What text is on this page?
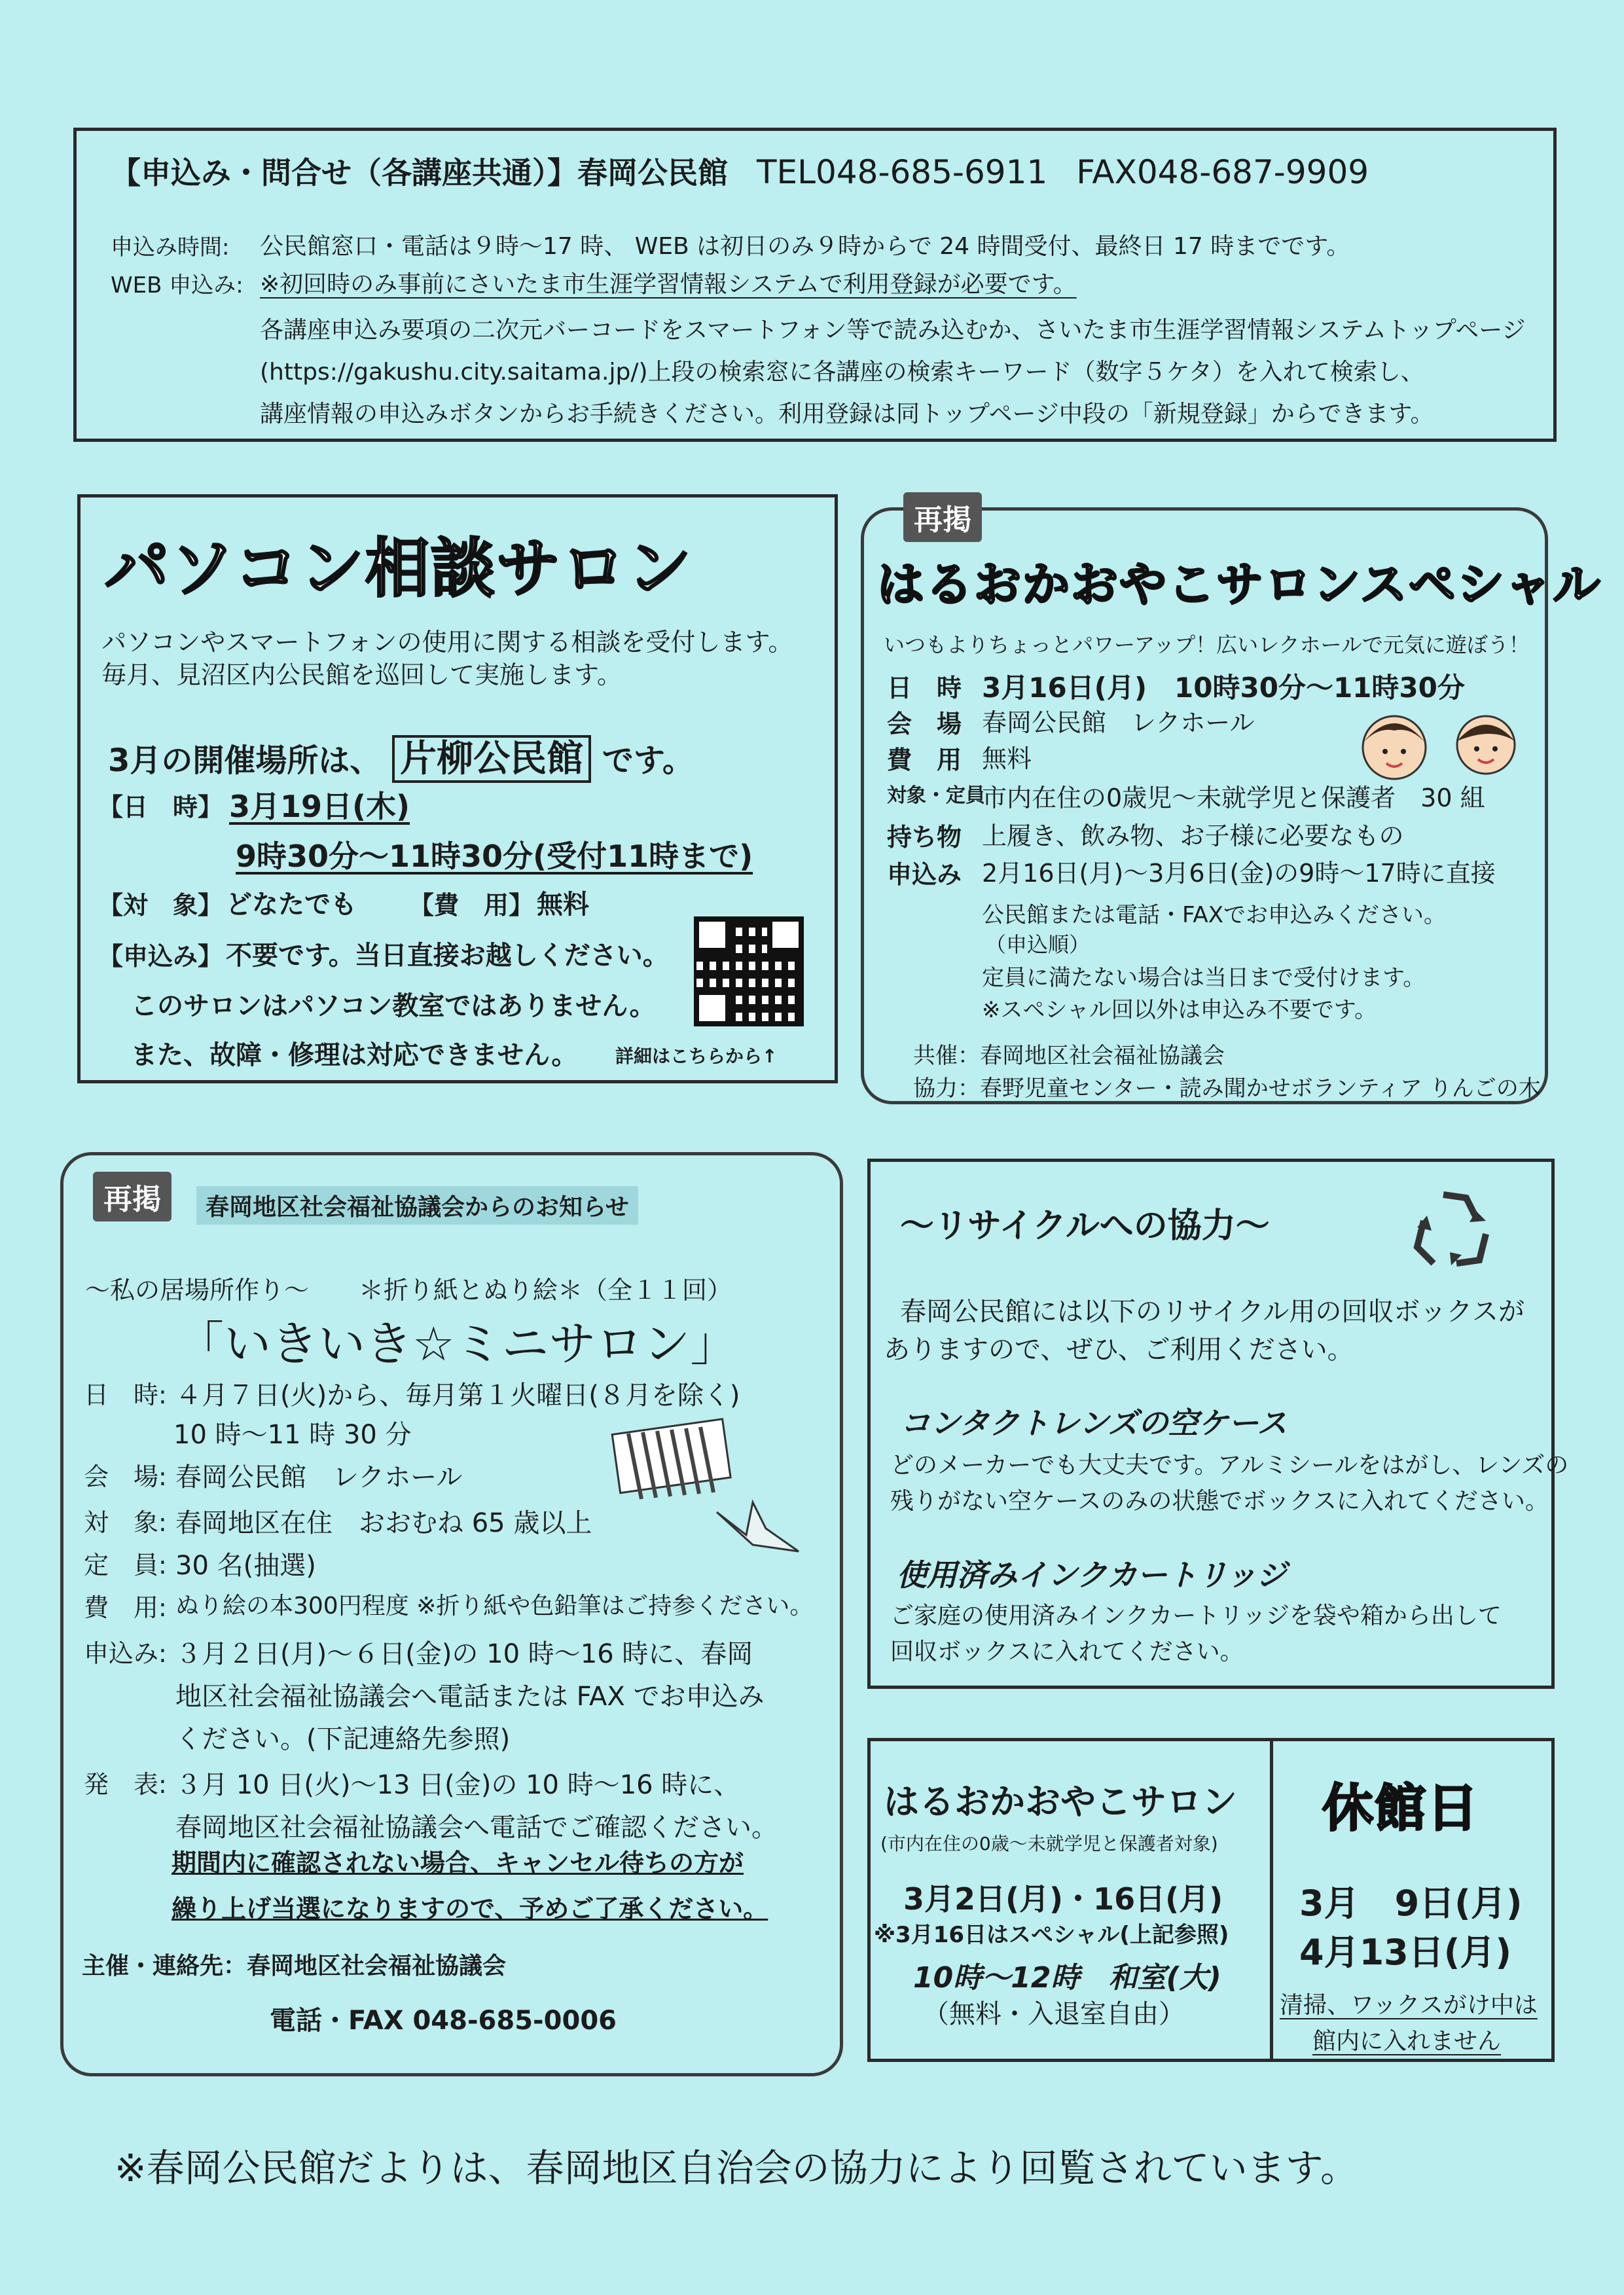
【申込み・問合せ（各講座共通）】春岡公民館 TEL048-685-6911 FAX048-687-9909
申込み時間: 公民館窓口・電話は９時～17 時、 WEB は初日のみ９時からで 24 時間受付、最終日 17 時までです。
WEB 申込み: ※初回時のみ事前にさいたま市生涯学習情報システムで利用登録が必要です。
各講座申込み要項の二次元バーコードをスマートフォン等で読み込むか、さいたま市生涯学習情報システムトップページ
(https://gakushu.city.saitama.jp/)上段の検索窓に各講座の検索キーワード（数字５ケタ）を入れて検索し、
講座情報の申込みボタンからお手続きください。利用登録は同トップページ中段の「新規登録」からできます。
パソコン相談サロン
パソコンやスマートフォンの使用に関する相談を受付します。
毎月、見沼区内公民館を巡回して実施します。
3月の開催場所は、 片柳公民館 です。
【日　時】 3月19日(木)
9時30分～11時30分(受付11時まで)
【対　象】 どなたでも 【費　用】 無料
【申込み】 不要です。当日直接お越しください。
このサロンはパソコン教室ではありません。
また、故障・修理は対応できません。 詳細はこちらから↑
再掲
はるおかおやこサロンスペシャル
いつもよりちょっとパワーアップ！広いレクホールで元気に遊ぼう！
日　時 3月16日(月)　10時30分～11時30分
会　場 春岡公民館　レクホール
費　用 無料
対象・定員
市内在住の0歳児～未就学児と保護者　30 組
持ち物 上履き、飲み物、お子様に必要なもの
申込み 2月16日(月)～3月6日(金)の9時～17時に直接
公民館または電話・FAXでお申込みください。
（申込順）
定員に満たない場合は当日まで受付けます。
※スペシャル回以外は申込み不要です。
共催：春岡地区社会福祉協議会
協力：春野児童センター・読み聞かせボランティア りんごの木
再掲	春岡地区社会福祉協議会からのお知らせ
～私の居場所作り～　　＊折り紙とぬり絵＊（全１１回）
「いきいき☆ミニサロン」
日　時: ４月７日(火)から、毎月第１火曜日(８月を除く)
10 時～11 時 30 分
会　場: 春岡公民館　レクホール
対　象: 春岡地区在住　おおむね 65 歳以上
定　員: 30 名(抽選)
費　用: ぬり絵の本300円程度 ※折り紙や色鉛筆はご持参ください。
申込み: ３月２日(月)～６日(金)の 10 時～16 時に、春岡
地区社会福祉協議会へ電話または FAX でお申込み
ください。(下記連絡先参照)
発　表: ３月 10 日(火)～13 日(金)の 10 時～16 時に、
春岡地区社会福祉協議会へ電話でご確認ください。
期間内に確認されない場合、キャンセル待ちの方が
繰り上げ当選になりますので、予めご了承ください。
主催・連絡先：春岡地区社会福祉協議会
電話・FAX 048-685-0006
～リサイクルへの協力～
春岡公民館には以下のリサイクル用の回収ボックスが
ありますので、ぜひ、ご利用ください。
コンタクトレンズの空ケース
どのメーカーでも大丈夫です。アルミシールをはがし、レンズの
残りがない空ケースのみの状態でボックスに入れてください。
使用済みインクカートリッジ
ご家庭の使用済みインクカートリッジを袋や箱から出して
回収ボックスに入れてください。
はるおかおやこサロン
(市内在住の0歳～未就学児と保護者対象)
3月2日(月)・16日(月)
※3月16日はスペシャル(上記参照)
10時～12時　和室(大)
（無料・入退室自由）
休館日
3月　9日(月)
4月13日(月)
清掃、ワックスがけ中は
館内に入れません
※春岡公民館だよりは、春岡地区自治会の協力により回覧されています。
